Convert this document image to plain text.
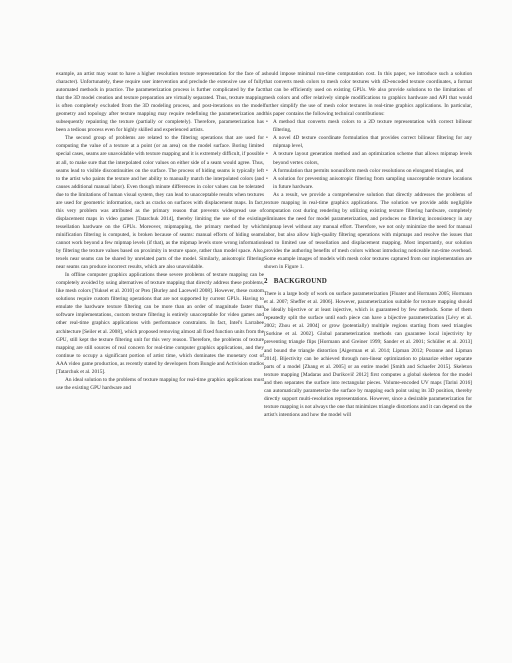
example, an artist may want to have a higher resolution texture representation for the face of a character). Unfortunately, these require user intervention and preclude the extensive use of fully automated methods in practice. The parameterization process is further complicated by the fact that the 3D model creation and texture preparation are virtually separated. Thus, texture mapping is often completely excluded from the 3D modeling process, and post-iterations on the model geometry and topology after texture mapping may require redefining the parameterization and subsequently repainting the texture (partially or completely). Therefore, parameterization has been a tedious process even for highly skilled and experienced artists.

The second group of problems are related to the filtering operations that are used for computing the value of a texture at a point (or an area) on the model surface. Boring limited special cases, seams are unavoidable with texture mapping and it is extremely difficult, if possible at all, to make sure that the interpolated color values on either side of a seam would agree. Thus, seams lead to visible discontinuities on the surface. The process of hiding seams is typically left to the artist who paints the texture and her ability to manually match the interpolated colors (and causes additional manual labor). Even though minute differences in color values can be tolerated due to the limitations of human visual system, they can lead to unacceptable results when textures are used for geometric information, such as cracks on surfaces with displacement maps. In fact, this very problem was attributed as the primary reason that prevents widespread use of displacement maps in video games [Tatarchuk 2014], thereby limiting the use of the existing tessellation hardware on the GPUs. Moreover, mipmapping, the primary method by which minification filtering is computed, is broken because of seams: manual efforts of hiding seams cannot work beyond a few mipmap levels (if that), as the mipmap levels store wrong information by filtering the texture values based on proximity in texture space, rather than model space. Also, texels near seams can be shared by unrelated parts of the model. Similarly, anisotropic filtering near seams can produce incorrect results, which are also unavoidable.

In offline computer graphics applications these severe problems of texture mapping can be completely avoided by using alternatives of texture mapping that directly address these problems, like mesh colors [Yuksel et al. 2010] or Ptex [Burley and Lacewell 2008]. However, these custom solutions require custom filtering operations that are not supported by current GPUs. Having to emulate the hardware texture filtering can be more than an order of magnitude faster than software implementations, custom texture filtering is entirely unacceptable for video games and other real-time graphics applications with performance constraints. In fact, Intel's Larrabee architecture [Seiler et al. 2008], which proposed removing almost all fixed function units from the GPU, still kept the texture filtering unit for this very reason. Therefore, the problems of texture mapping are still sources of real concern for real-time computer graphics applications, and they continue to occupy a significant portion of artist time, which dominates the monetary cost of AAA video game production, as recently stated by developers from Bungie and Activision studios [Tatarchuk et al. 2015].

An ideal solution to the problems of texture mapping for real-time graphics applications must use the existing GPU hardware and

should impose minimal run-time computation cost. In this paper, we introduce such a solution that converts mesh colors to mesh color textures with 4D-encoded texture coordinates, a format that can be efficiently used on existing GPUs. We also provide solutions to the limitations of mesh colors and offer relatively simple modifications to graphics hardware and API that would further simplify the use of mesh color textures in real-time graphics applications. In particular, this paper contains the following technical contributions:

• A method that converts mesh colors to a 2D texture representation with correct bilinear filtering,
• A novel 4D texture coordinate formulation that provides correct bilinear filtering for any mipmap level,
• A texture layout generation method and an optimization scheme that allows mipmap levels beyond vertex colors,
• A formulation that permits nonuniform mesh color resolutions on elongated triangles, and
• A solution for preventing anisotropic filtering from sampling unacceptable texture locations in future hardware.

As a result, we provide a comprehensive solution that directly addresses the problems of texture mapping in real-time graphics applications. The solution we provide adds negligible computation cost during rendering by utilizing existing texture filtering hardware, completely eliminates the need for model parameterization, and produces no filtering inconsistency in any mipmap level without any manual effort. Therefore, we not only minimize the need for manual labor, but also allow high-quality filtering operations with mipmaps and resolve the issues that lead to limited use of tessellation and displacement mapping. Most importantly, our solution provides the authoring benefits of mesh colors without introducing noticeable run-time overhead. Some example images of models with mesh color textures captured from our implementation are shown in Figure 1.

2 BACKGROUND

There is a large body of work on surface parameterization [Floater and Hormann 2005; Hormann et al. 2007; Sheffer et al. 2006]. However, parameterization suitable for texture mapping should be ideally bijective or at least injective, which is guaranteed by few methods. Some of them repeatedly split the surface until each piece can have a bijective parameterization [Lévy et al. 2002; Zhou et al. 2004] or grow (potentially) multiple regions starting from seed triangles [Sorkine et al. 2002]. Global parameterization methods can guarantee local injectivity by preventing triangle flips [Hormann and Greiner 1999; Sander et al. 2001; Schüller et al. 2013] and bound the triangle distortion [Aigerman et al. 2014; Lipman 2012; Poranne and Lipman 2014]. Bijectivity can be achieved through non-linear optimization to planarize either separate parts of a model [Zhang et al. 2005] or an entire model [Smith and Schaefer 2015]. Skeleton texture mapping [Madaras and Durikovič 2012] first computes a global skeleton for the model and then separates the surface into rectangular pieces. Volume-encoded UV maps [Tarini 2016] can automatically parameterize the surface by mapping each point using its 3D position, thereby directly support multi-resolution representations. However, since a desirable parameterization for texture mapping is not always the one that minimizes triangle distortions and it can depend on the artist's intentions and how the model will
